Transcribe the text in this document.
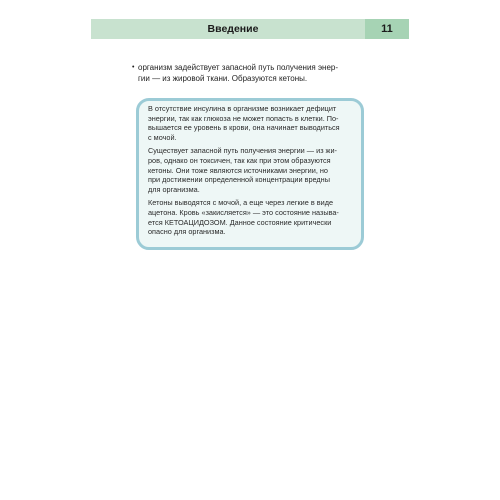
Введение	11
• организм задействует запасной путь получения энер-
гии — из жировой ткани. Образуются кетоны.

В отсутствие инсулина в организме возникает дефицит
энергии, так как глюкоза не может попасть в клетки. По-
вышается ее уровень в крови, она начинает выводиться
с мочой.

Существует запасной путь получения энергии — из жи-
ров, однако он токсичен, так как при этом образуются
кетоны. Они тоже являются источниками энергии, но
при достижении определенной концентрации вредны
для организма.

Кетоны выводятся с мочой, а еще через легкие в виде
ацетона. Кровь «закисляется» — это состояние называ-
ется КЕТОАЦИДОЗОМ. Данное состояние критически
опасно для организма.
